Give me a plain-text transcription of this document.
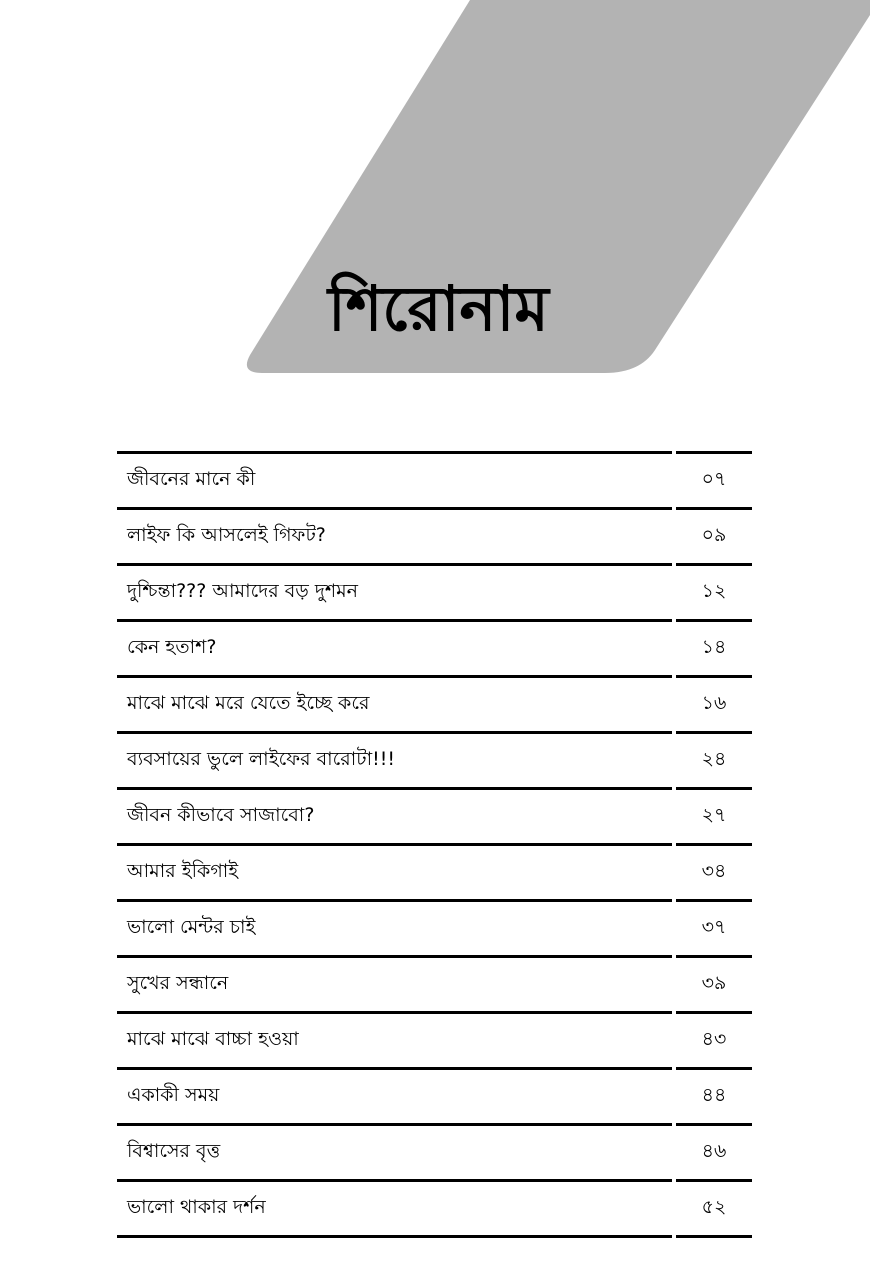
শিরোনাম
জীবনের মানে কী	০৭
লাইফ কি আসলেই গিফট?	০৯
দুশ্চিন্তা??? আমাদের বড় দুশমন	১২
কেন হতাশ?	১৪
মাঝে মাঝে মরে যেতে ইচ্ছে করে	১৬
ব্যবসায়ের ভুলে লাইফের বারোটা!!!	২৪
জীবন কীভাবে সাজাবো?	২৭
আমার ইকিগাই	৩৪
ভালো মেন্টর চাই	৩৭
সুখের সন্ধানে	৩৯
মাঝে মাঝে বাচ্চা হওয়া	৪৩
একাকী সময়	৪৪
বিশ্বাসের বৃত্ত	৪৬
ভালো থাকার দর্শন	৫২
